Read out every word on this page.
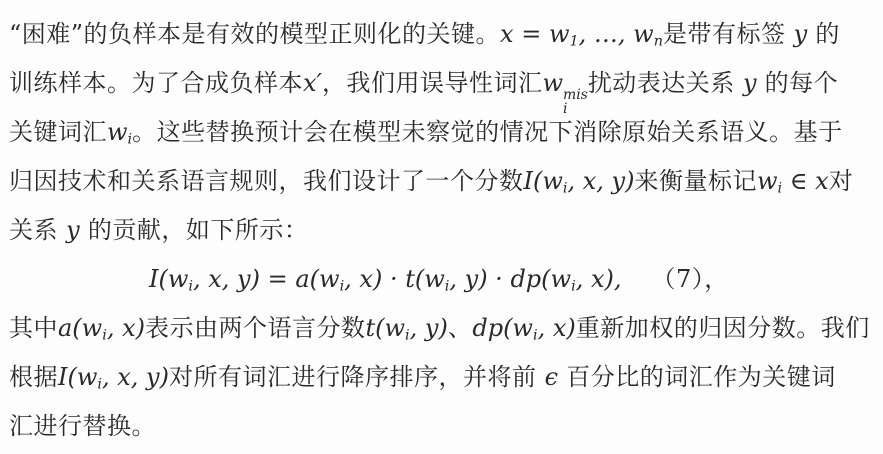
“困难”的负样本是有效的模型正则化的关键。$x = w_1$, …, $w_n$是带有标签 y 的
训练样本。为了合成负样本x′，我们用误导性词汇w mis
i
扰动表达关系 y 的每个
关键词汇$w_i$。这些替换预计会在模型未察觉的情况下消除原始关系语义。基于
归因技术和关系语言规则，我们设计了一个分数$I(w_i$, x, y)来衡量标记$w_i$ ∈ x对
关系 y 的贡献，如下所示：
$I(w_i$, x, $y) = a(w_i$, $x) \cdot t(w_i$, $y) \cdot dp(w_i$, x), （7），
其中$a(w_i$, x)表示由两个语言分数$t(w_i$, y)、$dp(w_i$, x)重新加权的归因分数。我们
根据$I(w_i$, x, y)对所有词汇进行降序排序，并将前 ϵ 百分比的词汇作为关键词
汇进行替换。
